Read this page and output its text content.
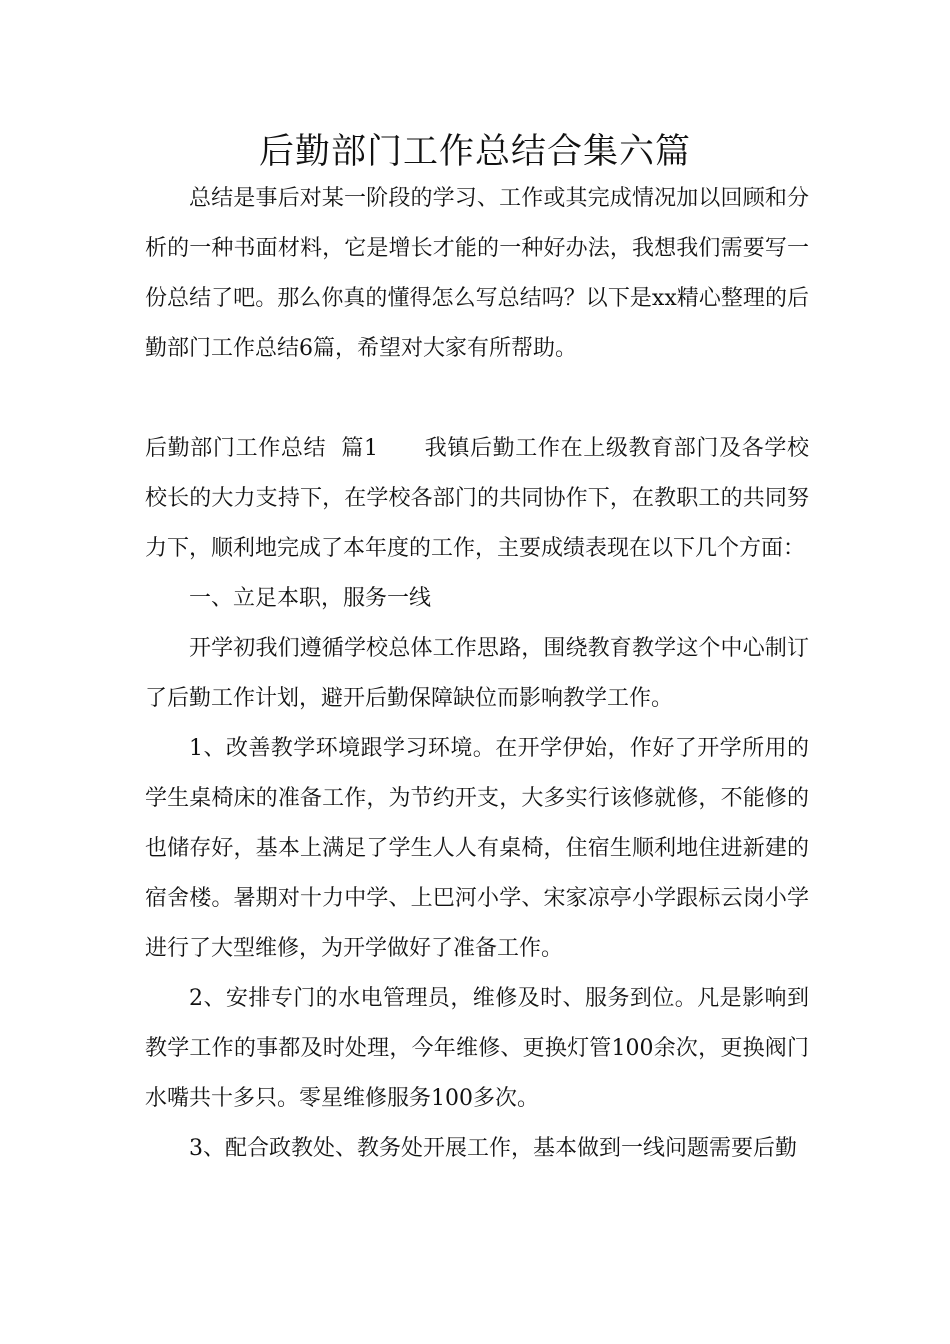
后勤部门工作总结合集六篇

总结是事后对某一阶段的学习、工作或其完成情况加以回顾和分析的一种书面材料，它是增长才能的一种好办法，我想我们需要写一份总结了吧。那么你真的懂得怎么写总结吗？以下是xx精心整理的后勤部门工作总结6篇，希望对大家有所帮助。

后勤部门工作总结  篇1 我镇后勤工作在上级教育部门及各学校校长的大力支持下，在学校各部门的共同协作下，在教职工的共同努力下，顺利地完成了本年度的工作，主要成绩表现在以下几个方面：

一、立足本职，服务一线

开学初我们遵循学校总体工作思路，围绕教育教学这个中心制订了后勤工作计划，避开后勤保障缺位而影响教学工作。

1、改善教学环境跟学习环境。在开学伊始，作好了开学所用的学生桌椅床的准备工作，为节约开支，大多实行该修就修，不能修的也储存好，基本上满足了学生人人有桌椅，住宿生顺利地住进新建的宿舍楼。暑期对十力中学、上巴河小学、宋家凉亭小学跟标云岗小学进行了大型维修，为开学做好了准备工作。

2、安排专门的水电管理员，维修及时、服务到位。凡是影响到教学工作的事都及时处理，今年维修、更换灯管100余次，更换阀门水嘴共十多只。零星维修服务100多次。

3、配合政教处、教务处开展工作，基本做到一线问题需要后勤
